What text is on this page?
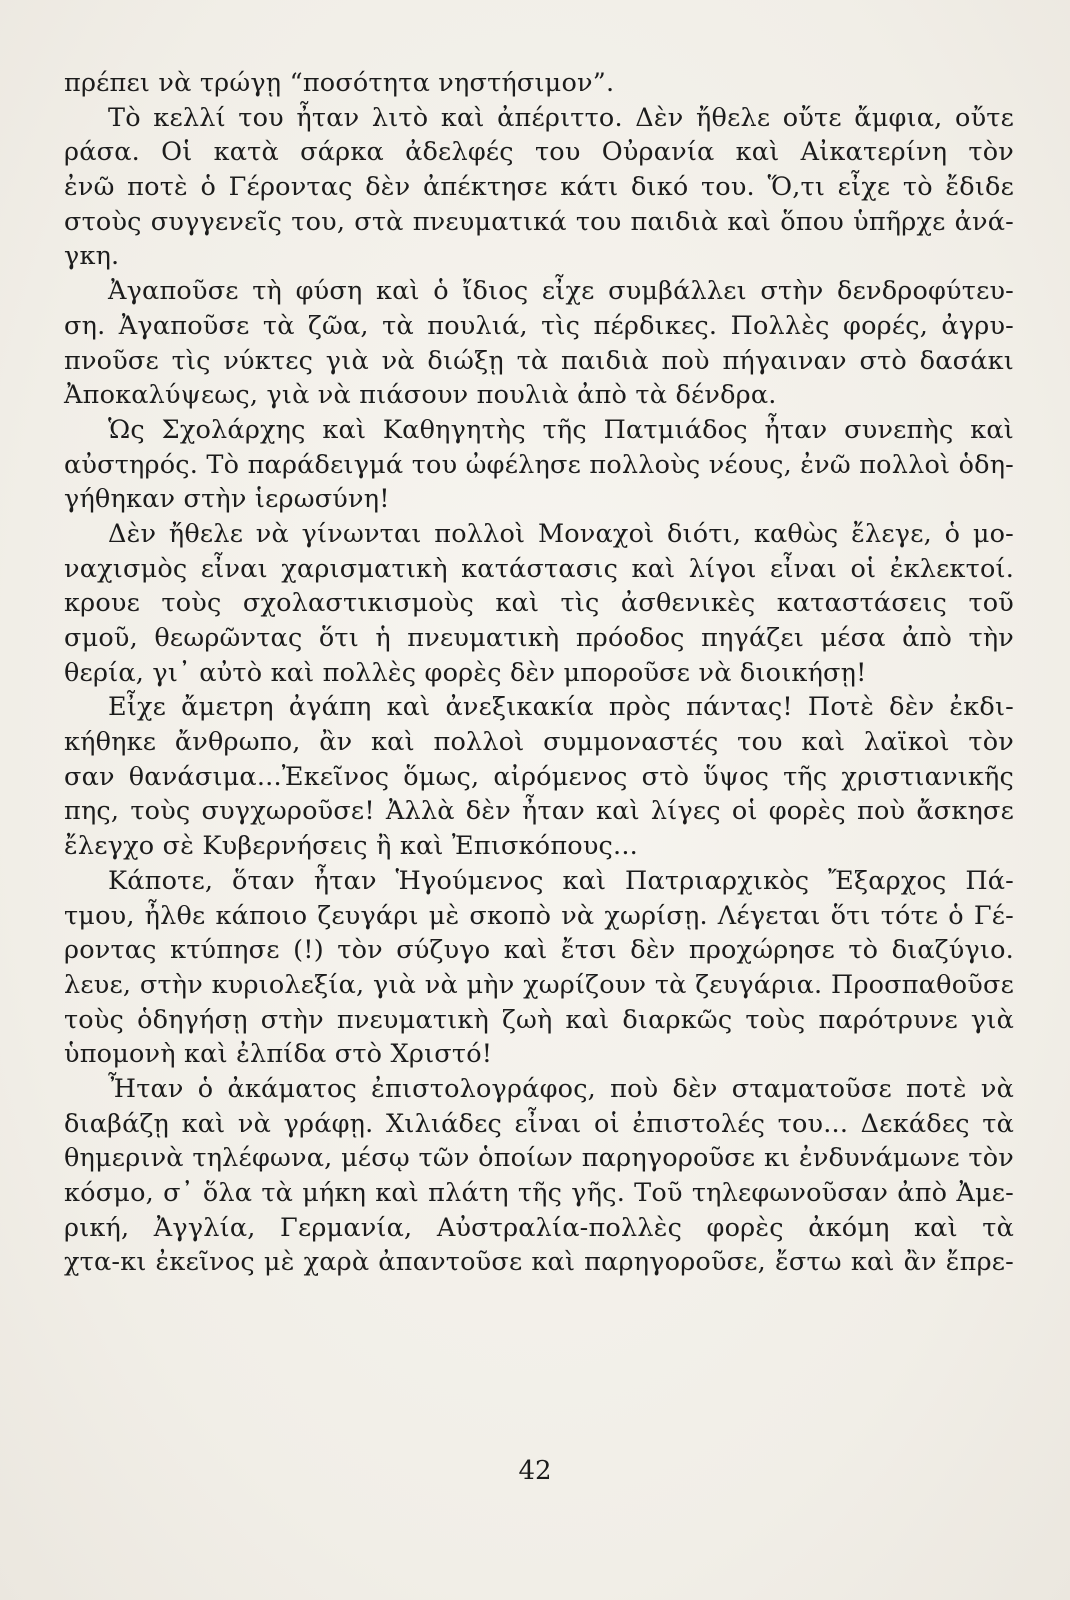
πρέπει νὰ τρώγῃ “ποσότητα νηστήσιμον”.
Τὸ κελλί του ἦταν λιτὸ καὶ ἀπέριττο. Δὲν ἤθελε οὔτε ἄμφια, οὔτε
ράσα. Οἱ κατὰ σάρκα ἀδελφές του Οὐρανία καὶ Αἰκατερίνη τὸν
ἐνῶ ποτὲ ὁ Γέροντας δὲν ἀπέκτησε κάτι δικό του. Ὅ,τι εἶχε τὸ ἔδιδε
στοὺς συγγενεῖς του, στὰ πνευματικά του παιδιὰ καὶ ὅπου ὑπῆρχε ἀνά-
γκη.
Ἀγαποῦσε τὴ φύση καὶ ὁ ἴδιος εἶχε συμβάλλει στὴν δενδροφύτευ-
ση. Ἀγαποῦσε τὰ ζῶα, τὰ πουλιά, τὶς πέρδικες. Πολλὲς φορές, ἀγρυ-
πνοῦσε τὶς νύκτες γιὰ νὰ διώξῃ τὰ παιδιὰ ποὺ πήγαιναν στὸ δασάκι
Ἀποκαλύψεως, γιὰ νὰ πιάσουν πουλιὰ ἀπὸ τὰ δένδρα.
Ὡς Σχολάρχης καὶ Καθηγητὴς τῆς Πατμιάδος ἦταν συνεπὴς καὶ
αὐστηρός. Τὸ παράδειγμά του ὠφέλησε πολλοὺς νέους, ἐνῶ πολλοὶ ὁδη-
γήθηκαν στὴν ἱερωσύνη!
Δὲν ἤθελε νὰ γίνωνται πολλοὶ Μοναχοὶ διότι, καθὼς ἔλεγε, ὁ μο-
ναχισμὸς εἶναι χαρισματικὴ κατάστασις καὶ λίγοι εἶναι οἱ ἐκλεκτοί.
κρουε τοὺς σχολαστικισμοὺς καὶ τὶς ἀσθενικὲς καταστάσεις τοῦ
σμοῦ, θεωρῶντας ὅτι ἡ πνευματικὴ πρόοδος πηγάζει μέσα ἀπὸ τὴν
θερία, γι᾿ αὐτὸ καὶ πολλὲς φορὲς δὲν μποροῦσε νὰ διοικήσῃ!
Εἶχε ἄμετρη ἀγάπη καὶ ἀνεξικακία πρὸς πάντας! Ποτὲ δὲν ἐκδι-
κήθηκε ἄνθρωπο, ἂν καὶ πολλοὶ συμμοναστές του καὶ λαϊκοὶ τὸν
σαν θανάσιμα...Ἐκεῖνος ὅμως, αἰρόμενος στὸ ὕψος τῆς χριστιανικῆς
πης, τοὺς συγχωροῦσε! Ἀλλὰ δὲν ἦταν καὶ λίγες οἱ φορὲς ποὺ ἄσκησε
ἔλεγχο σὲ Κυβερνήσεις ἢ καὶ Ἐπισκόπους...
Κάποτε, ὅταν ἦταν Ἡγούμενος καὶ Πατριαρχικὸς Ἔξαρχος Πά-
τμου, ἦλθε κάποιο ζευγάρι μὲ σκοπὸ νὰ χωρίσῃ. Λέγεται ὅτι τότε ὁ Γέ-
ροντας κτύπησε (!) τὸν σύζυγο καὶ ἔτσι δὲν προχώρησε τὸ διαζύγιο.
λευε, στὴν κυριολεξία, γιὰ νὰ μὴν χωρίζουν τὰ ζευγάρια. Προσπαθοῦσε
τοὺς ὁδηγήσῃ στὴν πνευματικὴ ζωὴ καὶ διαρκῶς τοὺς παρότρυνε γιὰ
ὑπομονὴ καὶ ἐλπίδα στὸ Χριστό!
Ἦταν ὁ ἀκάματος ἐπιστολογράφος, ποὺ δὲν σταματοῦσε ποτὲ νὰ
διαβάζῃ καὶ νὰ γράφῃ. Χιλιάδες εἶναι οἱ ἐπιστολές του... Δεκάδες τὰ
θημερινὰ τηλέφωνα, μέσῳ τῶν ὁποίων παρηγοροῦσε κι ἐνδυνάμωνε τὸν
κόσμο, σ᾿ ὅλα τὰ μήκη καὶ πλάτη τῆς γῆς. Τοῦ τηλεφωνοῦσαν ἀπὸ Ἀμε-
ρική, Ἀγγλία, Γερμανία, Αὐστραλία-πολλὲς φορὲς ἀκόμη καὶ τὰ
χτα-κι ἐκεῖνος μὲ χαρὰ ἀπαντοῦσε καὶ παρηγοροῦσε, ἔστω καὶ ἂν ἔπρε-
42
